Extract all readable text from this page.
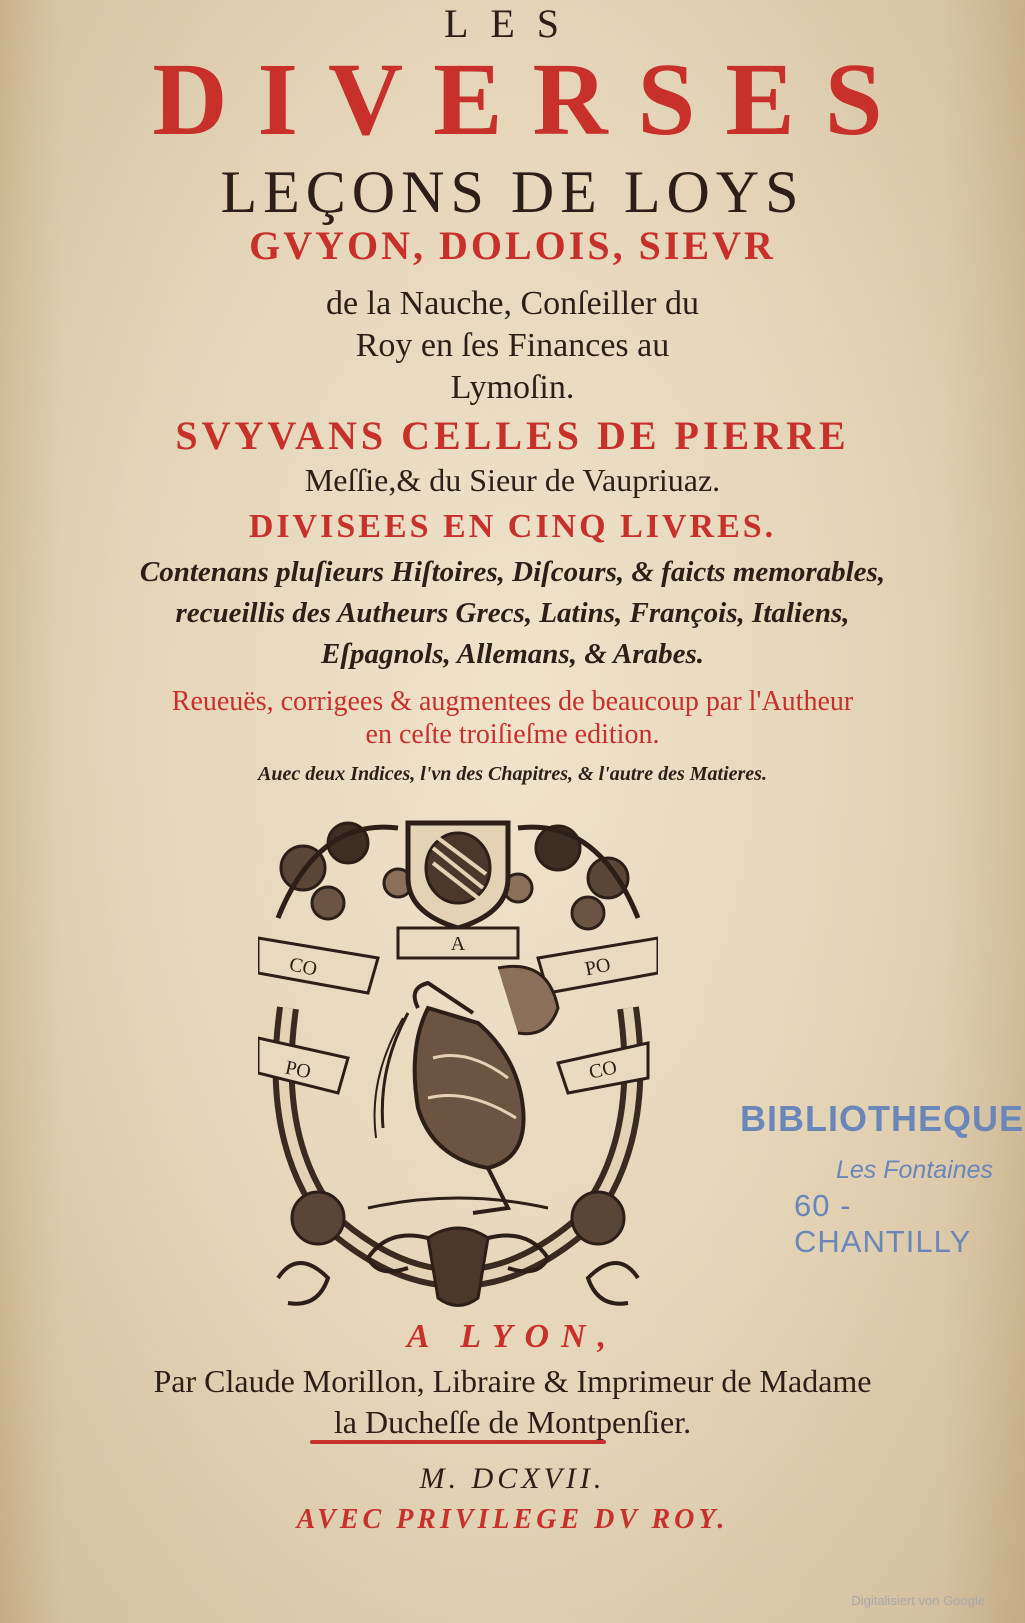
LES
DIVERSES
LEÇONS DE LOYS
GVYON, DOLOIS, SIEVR
de la Nauche, Conſeiller du
Roy en ſes Finances au
Lymoſin.
SVYVANS CELLES DE PIERRE
Meſſie,& du Sieur de Vaupriuaz.
DIVISEES EN CINQ LIVRES.
Contenans pluſieurs Hiſtoires, Diſcours, & faicts memorables,
recueillis des Autheurs Grecs, Latins, François, Italiens,
Eſpagnols, Allemans, & Arabes.
Reueuës, corrigees & augmentees de beaucoup par l'Autheur
en ceſte troiſieſme edition.
Auec deux Indices, l'vn des Chapitres, & l'autre des Matieres.
A
CO	PO
PO	CO
A LYON,
Par Claude Morillon, Libraire & Imprimeur de Madame
la Ducheſſe de Montpenſier.
M. DCXVII.
AVEC PRIVILEGE DV ROY.
BIBLIOTHEQUE
Les Fontaines
60 - CHANTILLY
Digitalisiert von Google
